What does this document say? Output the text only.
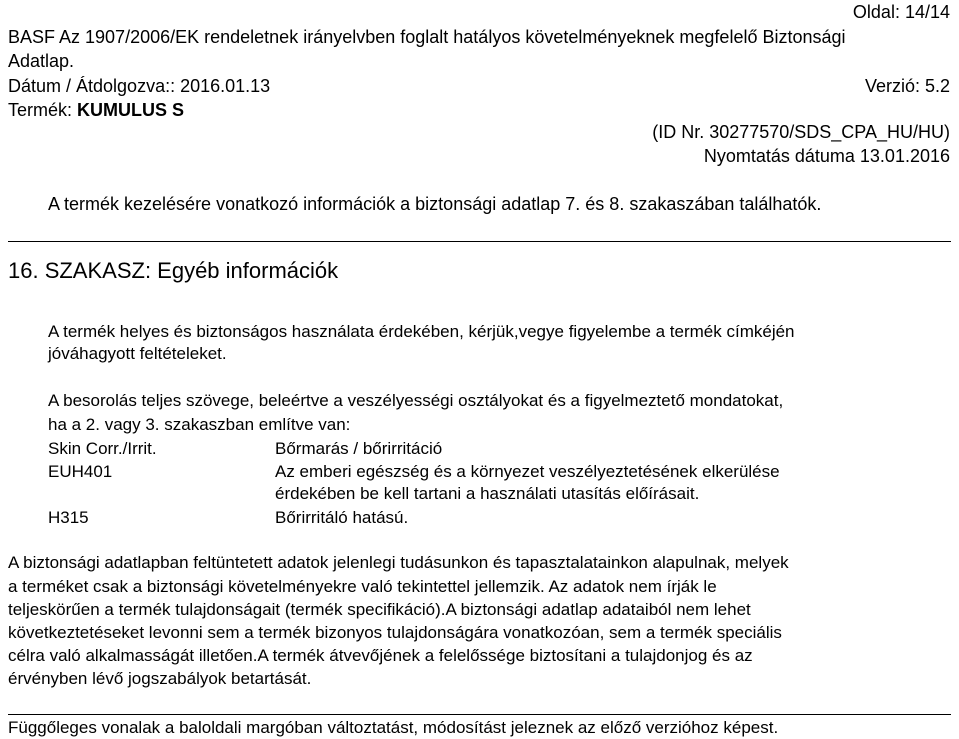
Oldal: 14/14
BASF Az 1907/2006/EK rendeletnek irányelvben foglalt hatályos követelményeknek megfelelő Biztonsági
Adatlap.
Dátum / Átdolgozva:: 2016.01.13	Verzió: 5.2
Termék: KUMULUS S
(ID Nr. 30277570/SDS_CPA_HU/HU)
Nyomtatás dátuma 13.01.2016
A termék kezelésére vonatkozó információk a biztonsági adatlap 7. és 8. szakaszában találhatók.
16. SZAKASZ: Egyéb információk
A termék helyes és biztonságos használata érdekében, kérjük,vegye figyelembe a termék címkéjén
jóváhagyott feltételeket.
A besorolás teljes szövege, beleértve a veszélyességi osztályokat és a figyelmeztető mondatokat,
ha a 2. vagy 3. szakaszban említve van:
Skin Corr./Irrit.	Bőrmarás / bőrirritáció
EUH401	Az emberi egészség és a környezet veszélyeztetésének elkerülése
érdekében be kell tartani a használati utasítás előírásait.
H315	Bőrirritáló hatású.
A biztonsági adatlapban feltüntetett adatok jelenlegi tudásunkon és tapasztalatainkon alapulnak, melyek
a terméket csak a biztonsági követelményekre való tekintettel jellemzik. Az adatok nem írják le
teljeskörűen a termék tulajdonságait (termék specifikáció).A biztonsági adatlap adataiból nem lehet
következtetéseket levonni sem a termék bizonyos tulajdonságára vonatkozóan, sem a termék speciális
célra való alkalmasságát illetően.A termék átvevőjének a felelőssége biztosítani a tulajdonjog és az
érvényben lévő jogszabályok betartását.
Függőleges vonalak a baloldali margóban változtatást, módosítást jeleznek az előző verzióhoz képest.
